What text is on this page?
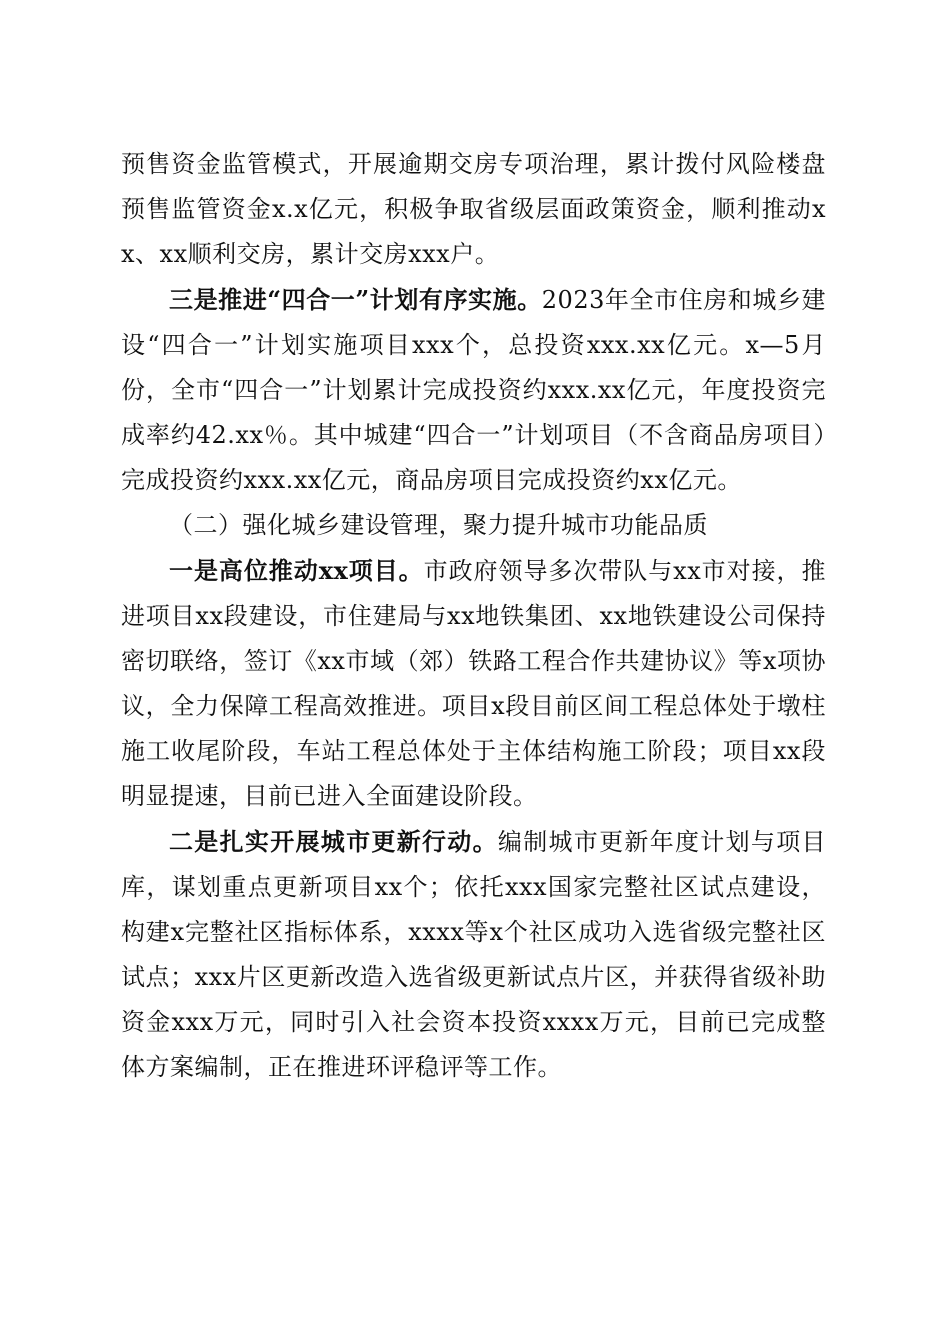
预售资金监管模式，开展逾期交房专项治理，累计拨付风险楼盘预售监管资金x.x亿元，积极争取省级层面政策资金，顺利推动xx、xx顺利交房，累计交房xxx户。

三是推进“四合一”计划有序实施。2023年全市住房和城乡建设“四合一”计划实施项目xxx个，总投资xxx.xx亿元。x—5月份，全市“四合一”计划累计完成投资约xxx.xx亿元，年度投资完成率约42.xx％。其中城建“四合一”计划项目（不含商品房项目）完成投资约xxx.xx亿元，商品房项目完成投资约xx亿元。

（二）强化城乡建设管理，聚力提升城市功能品质

一是高位推动xx项目。市政府领导多次带队与xx市对接，推进项目xx段建设，市住建局与xx地铁集团、xx地铁建设公司保持密切联络，签订《xx市域（郊）铁路工程合作共建协议》等x项协议，全力保障工程高效推进。项目x段目前区间工程总体处于墩柱施工收尾阶段，车站工程总体处于主体结构施工阶段；项目xx段明显提速，目前已进入全面建设阶段。

二是扎实开展城市更新行动。编制城市更新年度计划与项目库，谋划重点更新项目xx个；依托xxx国家完整社区试点建设，构建x完整社区指标体系，xxxx等x个社区成功入选省级完整社区试点；xxx片区更新改造入选省级更新试点片区，并获得省级补助资金xxx万元，同时引入社会资本投资xxxx万元，目前已完成整体方案编制，正在推进环评稳评等工作。
